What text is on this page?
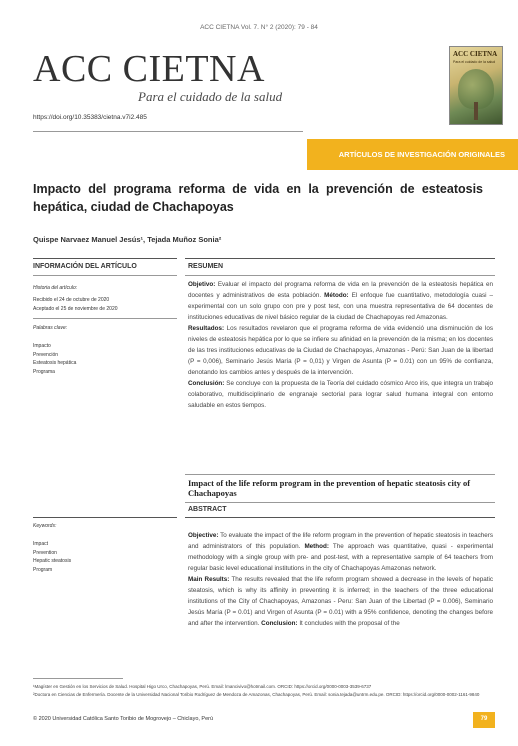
ACC CIETNA Vol. 7. N° 2 (2020): 79 - 84
ACC CIETNA
Para el cuidado de la salud
ACC CIETNA
Para el cuidado de la salud
https://doi.org/10.35383/cietna.v7i2.485
ARTÍCULOS DE INVESTIGACIÓN ORIGINALES
Impacto del programa reforma de vida en la prevención de esteatosis hepática, ciudad de Chachapoyas
Quispe Narvaez Manuel Jesús¹, Tejada Muñoz Sonia²
INFORMACIÓN DEL ARTÍCULO	RESUMEN
Historia del artículo:
Recibido el 24 de octubre de 2020
Aceptado el 25 de noviembre de 2020
Palabras clave:
Impacto
Prevención
Esteatosis hepática
Programa
Objetivo: Evaluar el impacto del programa reforma de vida en la prevención de la esteatosis hepática en docentes y administrativos de esta población. Método: El enfoque fue cuantitativo, metodología cuasi – experimental con un solo grupo con pre y post test, con una muestra representativa de 64 docentes de instituciones educativas de nivel básico regular de la ciudad de Chachapoyas red Amazonas.
Resultados: Los resultados revelaron que el programa reforma de vida evidenció una disminución de los niveles de esteatosis hepática por lo que se infiere su afinidad en la prevención de la misma; en los docentes de las tres instituciones educativas de la Ciudad de Chachapoyas, Amazonas - Perú: San Juan de la libertad (P = 0,006), Seminario Jesús María (P = 0,01) y Virgen de Asunta (P = 0.01) con un 95% de confianza, denotando los cambios antes y después de la intervención.
Conclusión: Se concluye con la propuesta de la Teoría del cuidado cósmico Arco iris, que integra un trabajo colaborativo, multidisciplinario de engranaje sectorial para lograr salud humana integral con entorno saludable en estos tiempos.
Impact of the life reform program in the prevention of hepatic steatosis city of Chachapoyas
ABSTRACT
Keywords:
Impact
Prevention
Hepatic steatosis
Program
Objective: To evaluate the impact of the life reform program in the prevention of hepatic steatosis in teachers and administrators of this population. Method: The approach was quantitative, quasi - experimental methodology with a single group with pre- and post-test, with a representative sample of 64 teachers from regular basic level educational institutions in the city of Chachapoyas Amazonas network.
Main Results: The results revealed that the life reform program showed a decrease in the levels of hepatic steatosis, which is why its affinity in preventing it is inferred; in the teachers of the three educational institutions of the City of Chachapoyas, Amazonas - Peru: San Juan of the Libertad (P = 0.006), Seminario Jesús María (P = 0.01) and Virgen of Asunta (P = 0.01) with a 95% confidence, denoting the changes before and after the intervention. Conclusion: It concludes with the proposal of the
¹Magíster en Gestión en los Servicios de Salud. Hospital Higo Urco, Chachapoyas, Perú. Email: lmancivivo@hotmail.com. ORCID: https://orcid.org/0000-0003-3539-6737
²Doctora en Ciencias de Enfermería. Docente de la Universidad Nacional Toribio Rodríguez de Mendoza de Amazonas, Chachapoyas, Perú. Email: sonia.tejada@untrm.edu.pe. ORCID: https://orcid.org/0000-0002-1161-9840
© 2020 Universidad Católica Santo Toribio de Mogrovejo – Chiclayo, Perú	79
